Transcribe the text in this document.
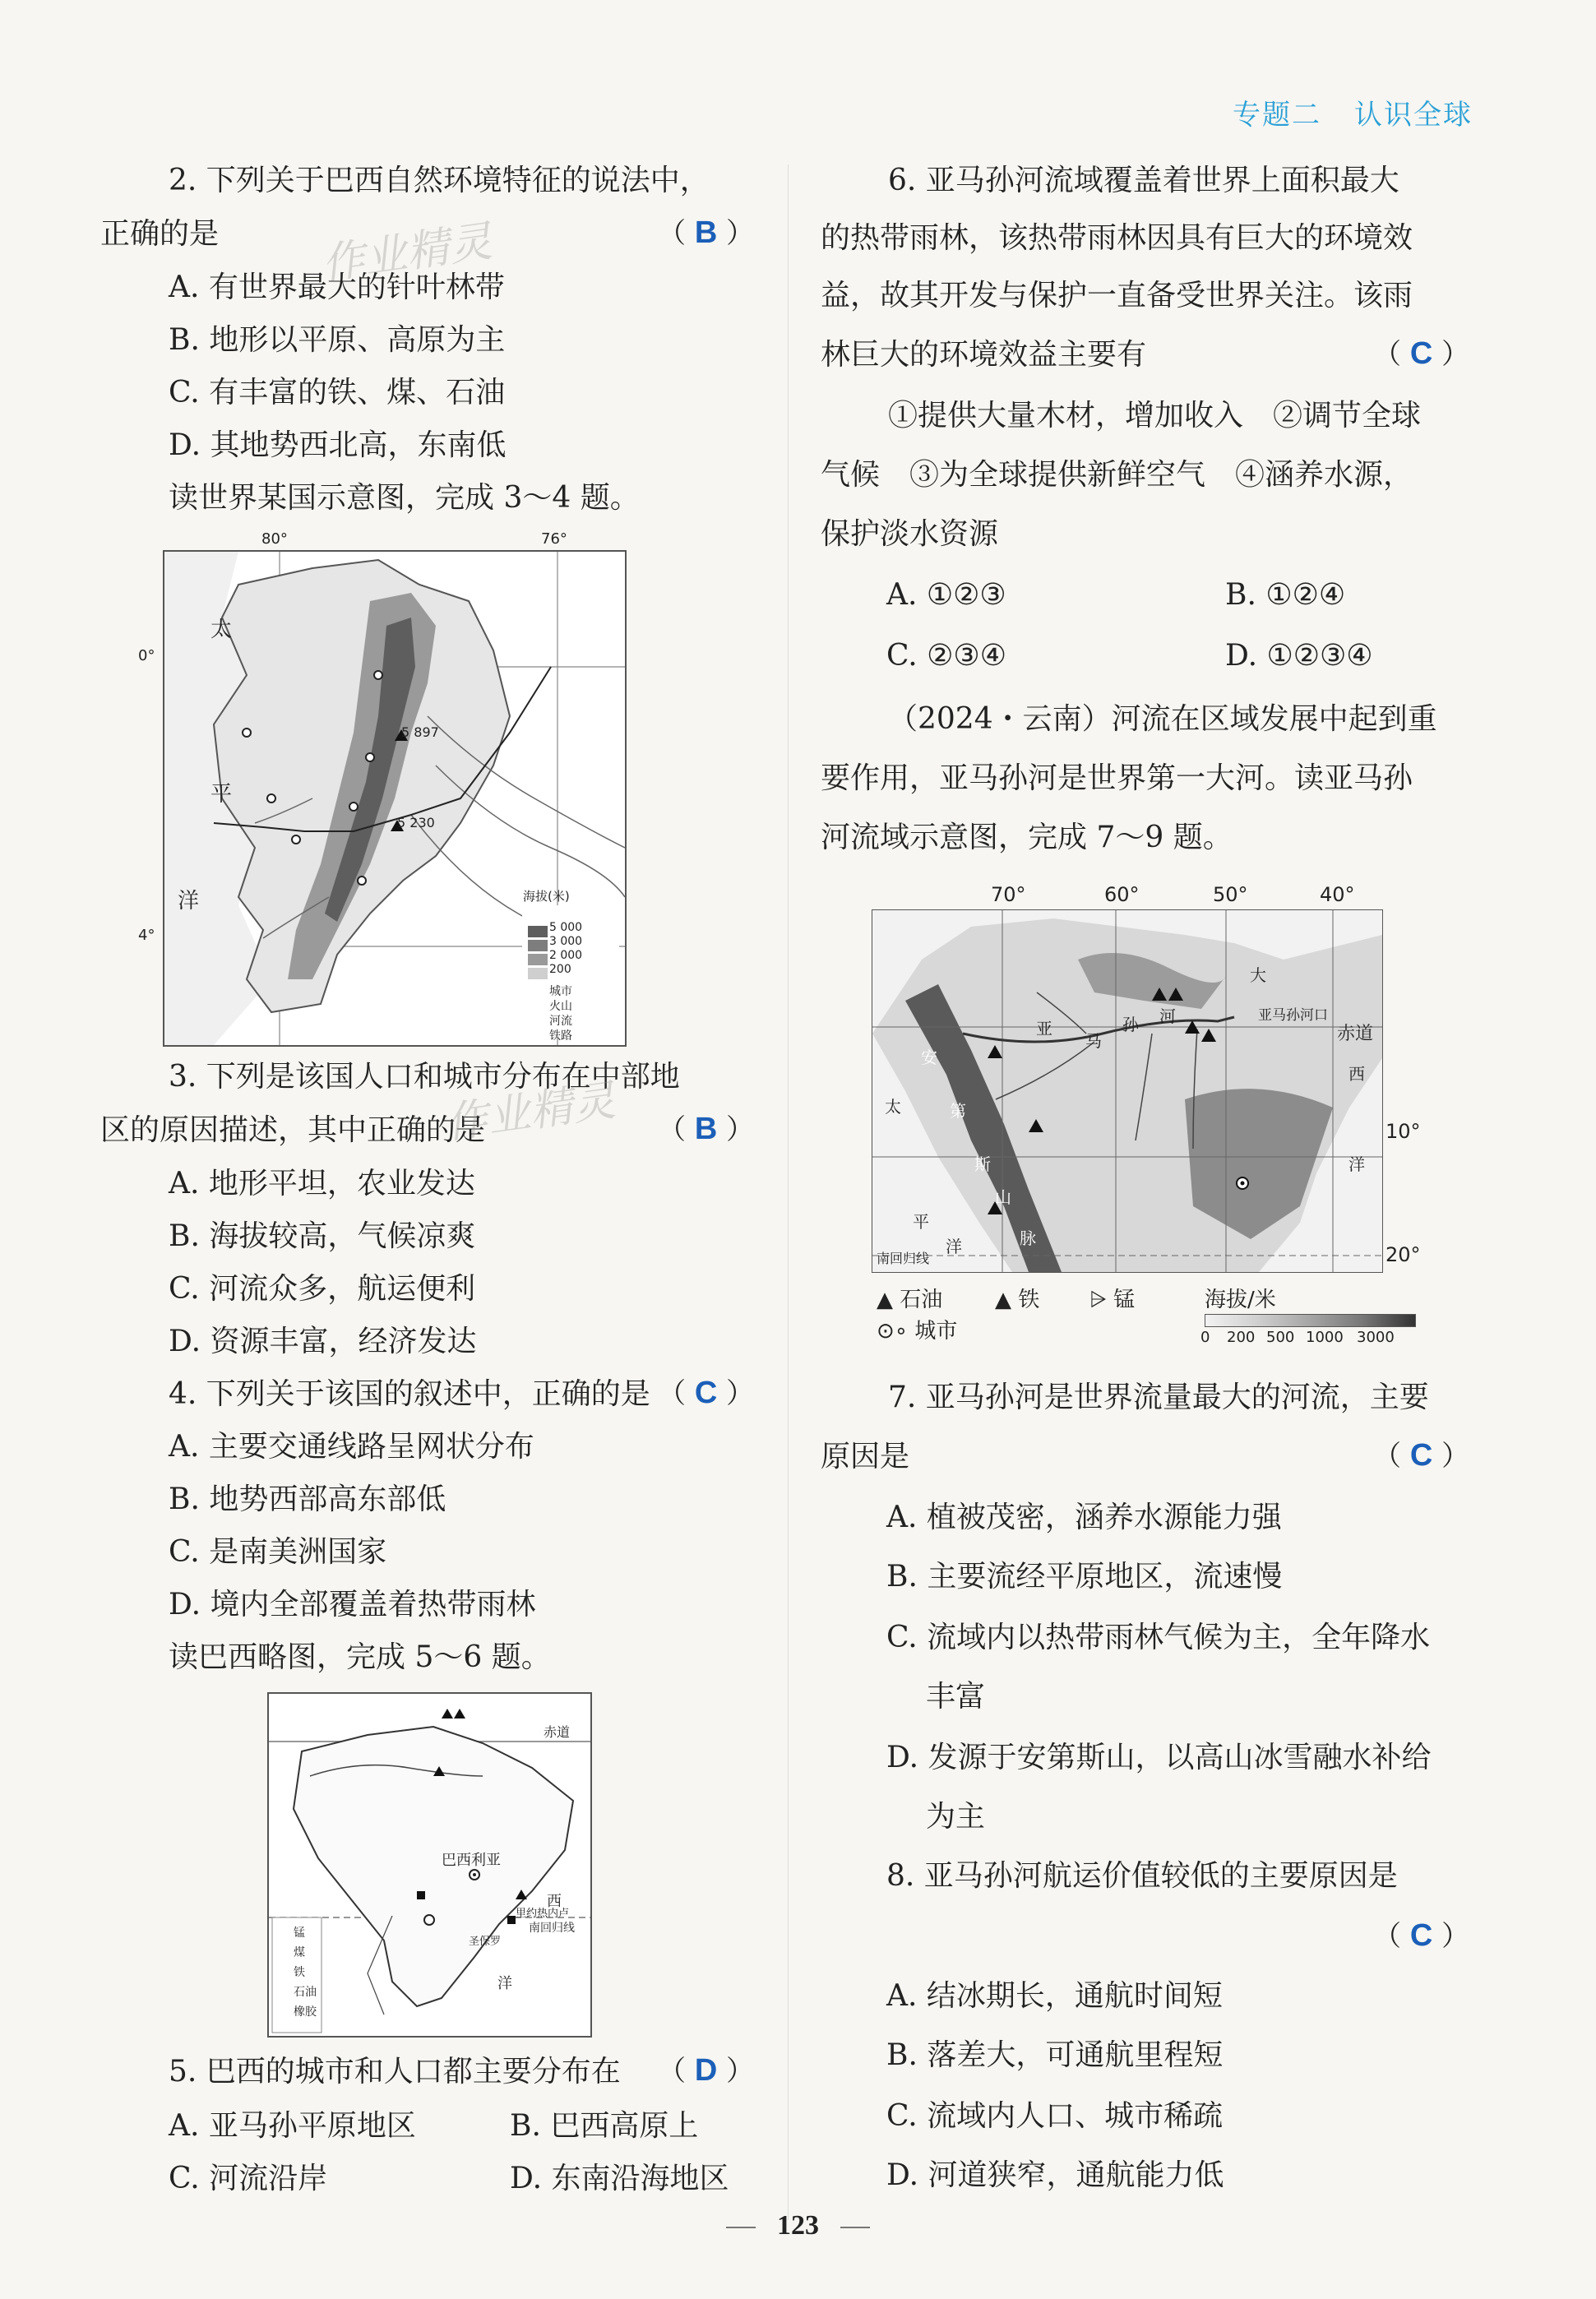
专题二 认识全球
2. 下列关于巴西自然环境特征的说法中，
正确的是	（ B ）
作业精灵
A. 有世界最大的针叶林带
B. 地形以平原、高原为主
C. 有丰富的铁、煤、石油
D. 其地势西北高，东南低
读世界某国示意图，完成 3～4 题。
80°	76°
0°
4°
太
平
洋
5 897
5 230
海拔(米)
5 000
3 000
2 000
200
城市
火山
河流
铁路
3. 下列是该国人口和城市分布在中部地
区的原因描述，其中正确的是	（ B ）
作业精灵
A. 地形平坦，农业发达
B. 海拔较高，气候凉爽
C. 河流众多，航运便利
D. 资源丰富，经济发达
4. 下列关于该国的叙述中，正确的是 （ C ）
A. 主要交通线路呈网状分布
B. 地势西部高东部低
C. 是南美洲国家
D. 境内全部覆盖着热带雨林
读巴西略图，完成 5～6 题。
赤道
巴西利亚
西
洋
南回归线
里约热内卢
圣保罗
锰
煤
铁
石油
橡胶
5. 巴西的城市和人口都主要分布在 （ D ）
A. 亚马孙平原地区	B. 巴西高原上
C. 河流沿岸	D. 东南沿海地区
6. 亚马孙河流域覆盖着世界上面积最大
的热带雨林，该热带雨林因具有巨大的环境效
益，故其开发与保护一直备受世界关注。该雨
林巨大的环境效益主要有	（ C ）
①提供大量木材，增加收入　②调节全球
气候　③为全球提供新鲜空气　④涵养水源，
保护淡水资源
A. ①②③	B. ①②④
C. ②③④	D. ①②③④
（2024・云南）河流在区域发展中起到重
要作用，亚马孙河是世界第一大河。读亚马孙
河流域示意图，完成 7～9 题。
70°	60°	50°	40°
亚马孙河口
赤道
10°
20°
亚
马
孙 河
大
西
洋
太
平
洋
安
第
斯
山
脉
南回归线
▲ 石油 ▲ 铁 ⩥ 锰
⊙∘ 城市
海拔/米
0 200 500 1000 3000
7. 亚马孙河是世界流量最大的河流，主要
原因是	（ C ）
A. 植被茂密，涵养水源能力强
B. 主要流经平原地区，流速慢
C. 流域内以热带雨林气候为主，全年降水
丰富
D. 发源于安第斯山，以高山冰雪融水补给
为主
8. 亚马孙河航运价值较低的主要原因是
（ C ）
A. 结冰期长，通航时间短
B. 落差大，可通航里程短
C. 流域内人口、城市稀疏
D. 河道狭窄，通航能力低
123
